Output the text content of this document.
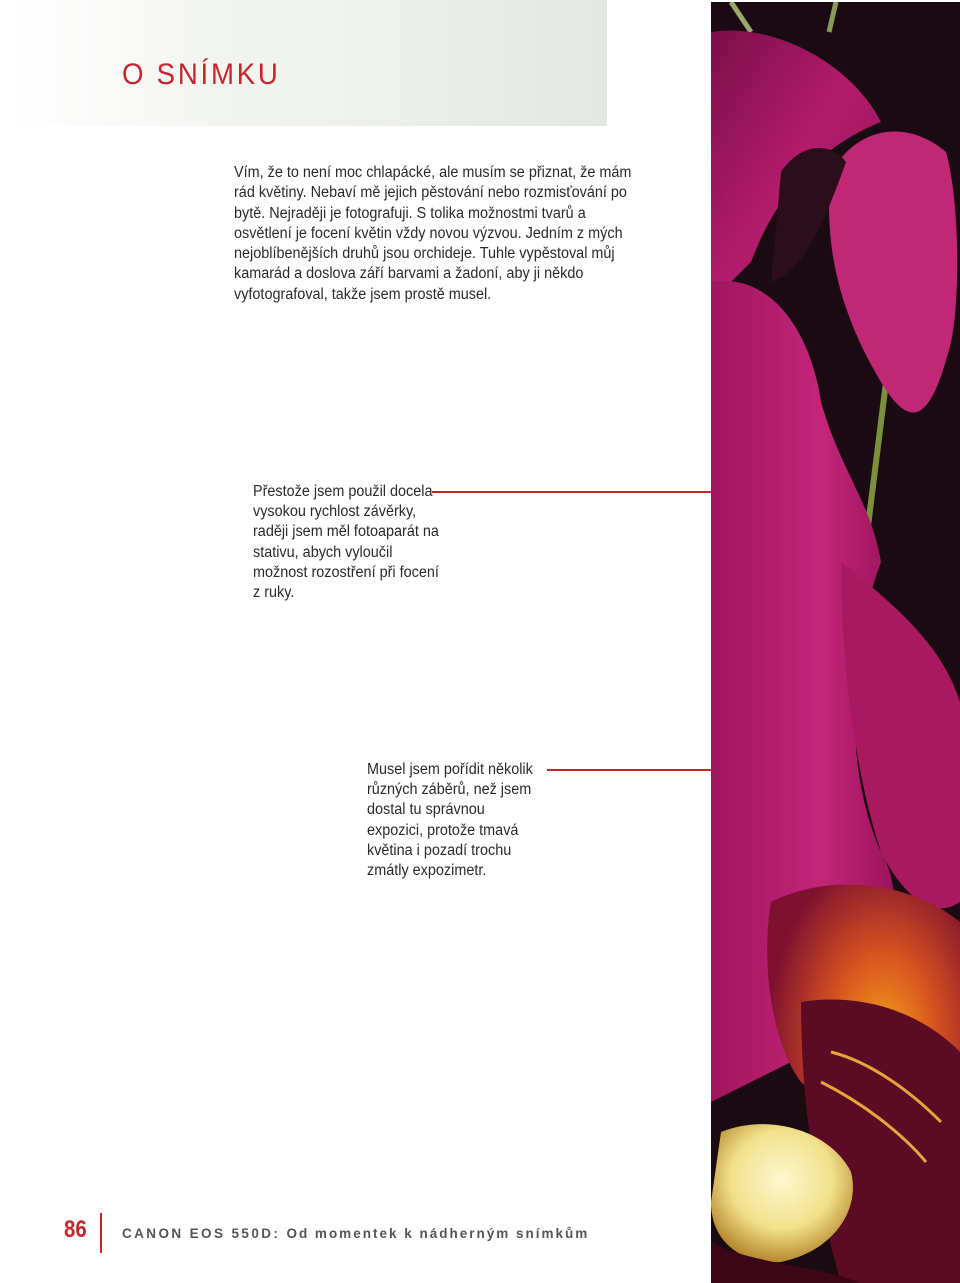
O SNÍMKU

Vím, že to není moc chlapácké, ale musím se přiznat, že mám rád květiny. Nebaví mě jejich pěstování nebo rozmisťování po bytě. Nejraději je fotografuji. S tolika možnostmi tvarů a osvětlení je focení květin vždy novou výzvou. Jedním z mých nejoblíbenějších druhů jsou orchideje. Tuhle vypěstoval můj kamarád a doslova září barvami a žadoní, aby ji někdo vyfotografoval, takže jsem prostě musel.

Přestože jsem použil docela vysokou rychlost závěrky, raději jsem měl fotoaparát na stativu, abych vyloučil možnost rozostření při focení z ruky.

Musel jsem pořídit několik různých záběrů, než jsem dostal tu správnou expozici, protože tmavá květina i pozadí trochu zmátly expozimetr.

86	CANON EOS 550D: Od momentek k nádherným snímkům
